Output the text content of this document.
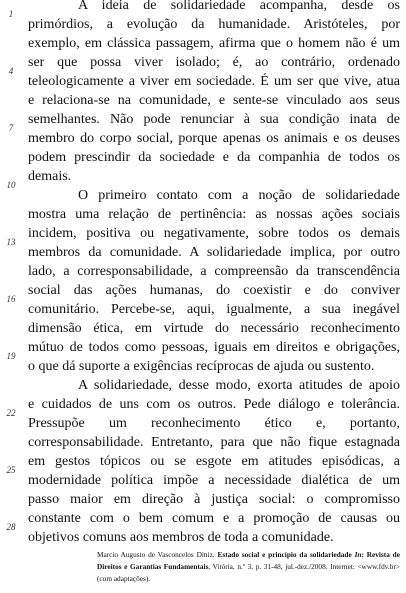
1
4
7
10
13
16
19
22
25
28
A ideia de solidariedade acompanha, desde os
primórdios, a evolução da humanidade. Aristóteles, por
exemplo, em clássica passagem, afirma que o homem não é um
ser que possa viver isolado; é, ao contrário, ordenado
teleologicamente a viver em sociedade. É um ser que vive, atua
e relaciona-se na comunidade, e sente-se vinculado aos seus
semelhantes. Não pode renunciar à sua condição inata de
membro do corpo social, porque apenas os animais e os deuses
podem prescindir da sociedade e da companhia de todos os
demais.
O primeiro contato com a noção de solidariedade
mostra uma relação de pertinência: as nossas ações sociais
incidem, positiva ou negativamente, sobre todos os demais
membros da comunidade. A solidariedade implica, por outro
lado, a corresponsabilidade, a compreensão da transcendência
social das ações humanas, do coexistir e do conviver
comunitário. Percebe-se, aqui, igualmente, a sua inegável
dimensão ética, em virtude do necessário reconhecimento
mútuo de todos como pessoas, iguais em direitos e obrigações,
o que dá suporte a exigências recíprocas de ajuda ou sustento.
A solidariedade, desse modo, exorta atitudes de apoio
e cuidados de uns com os outros. Pede diálogo e tolerância.
Pressupõe um reconhecimento ético e, portanto,
corresponsabilidade. Entretanto, para que não fique estagnada
em gestos tópicos ou se esgote em atitudes episódicas, a
modernidade política impõe a necessidade dialética de um
passo maior em direção à justiça social: o compromisso
constante com o bem comum e a promoção de causas ou
objetivos comuns aos membros de toda a comunidade.
Marcio Augusto de Vasconcelos Diniz. Estado social e princípio da solidariedade In: Revista de Direitos e Garantias Fundamentais, Vitória, n.º 3, p. 31-48, jul.-dez./2008. Internet: <www.fdv.br> (com adaptações).
